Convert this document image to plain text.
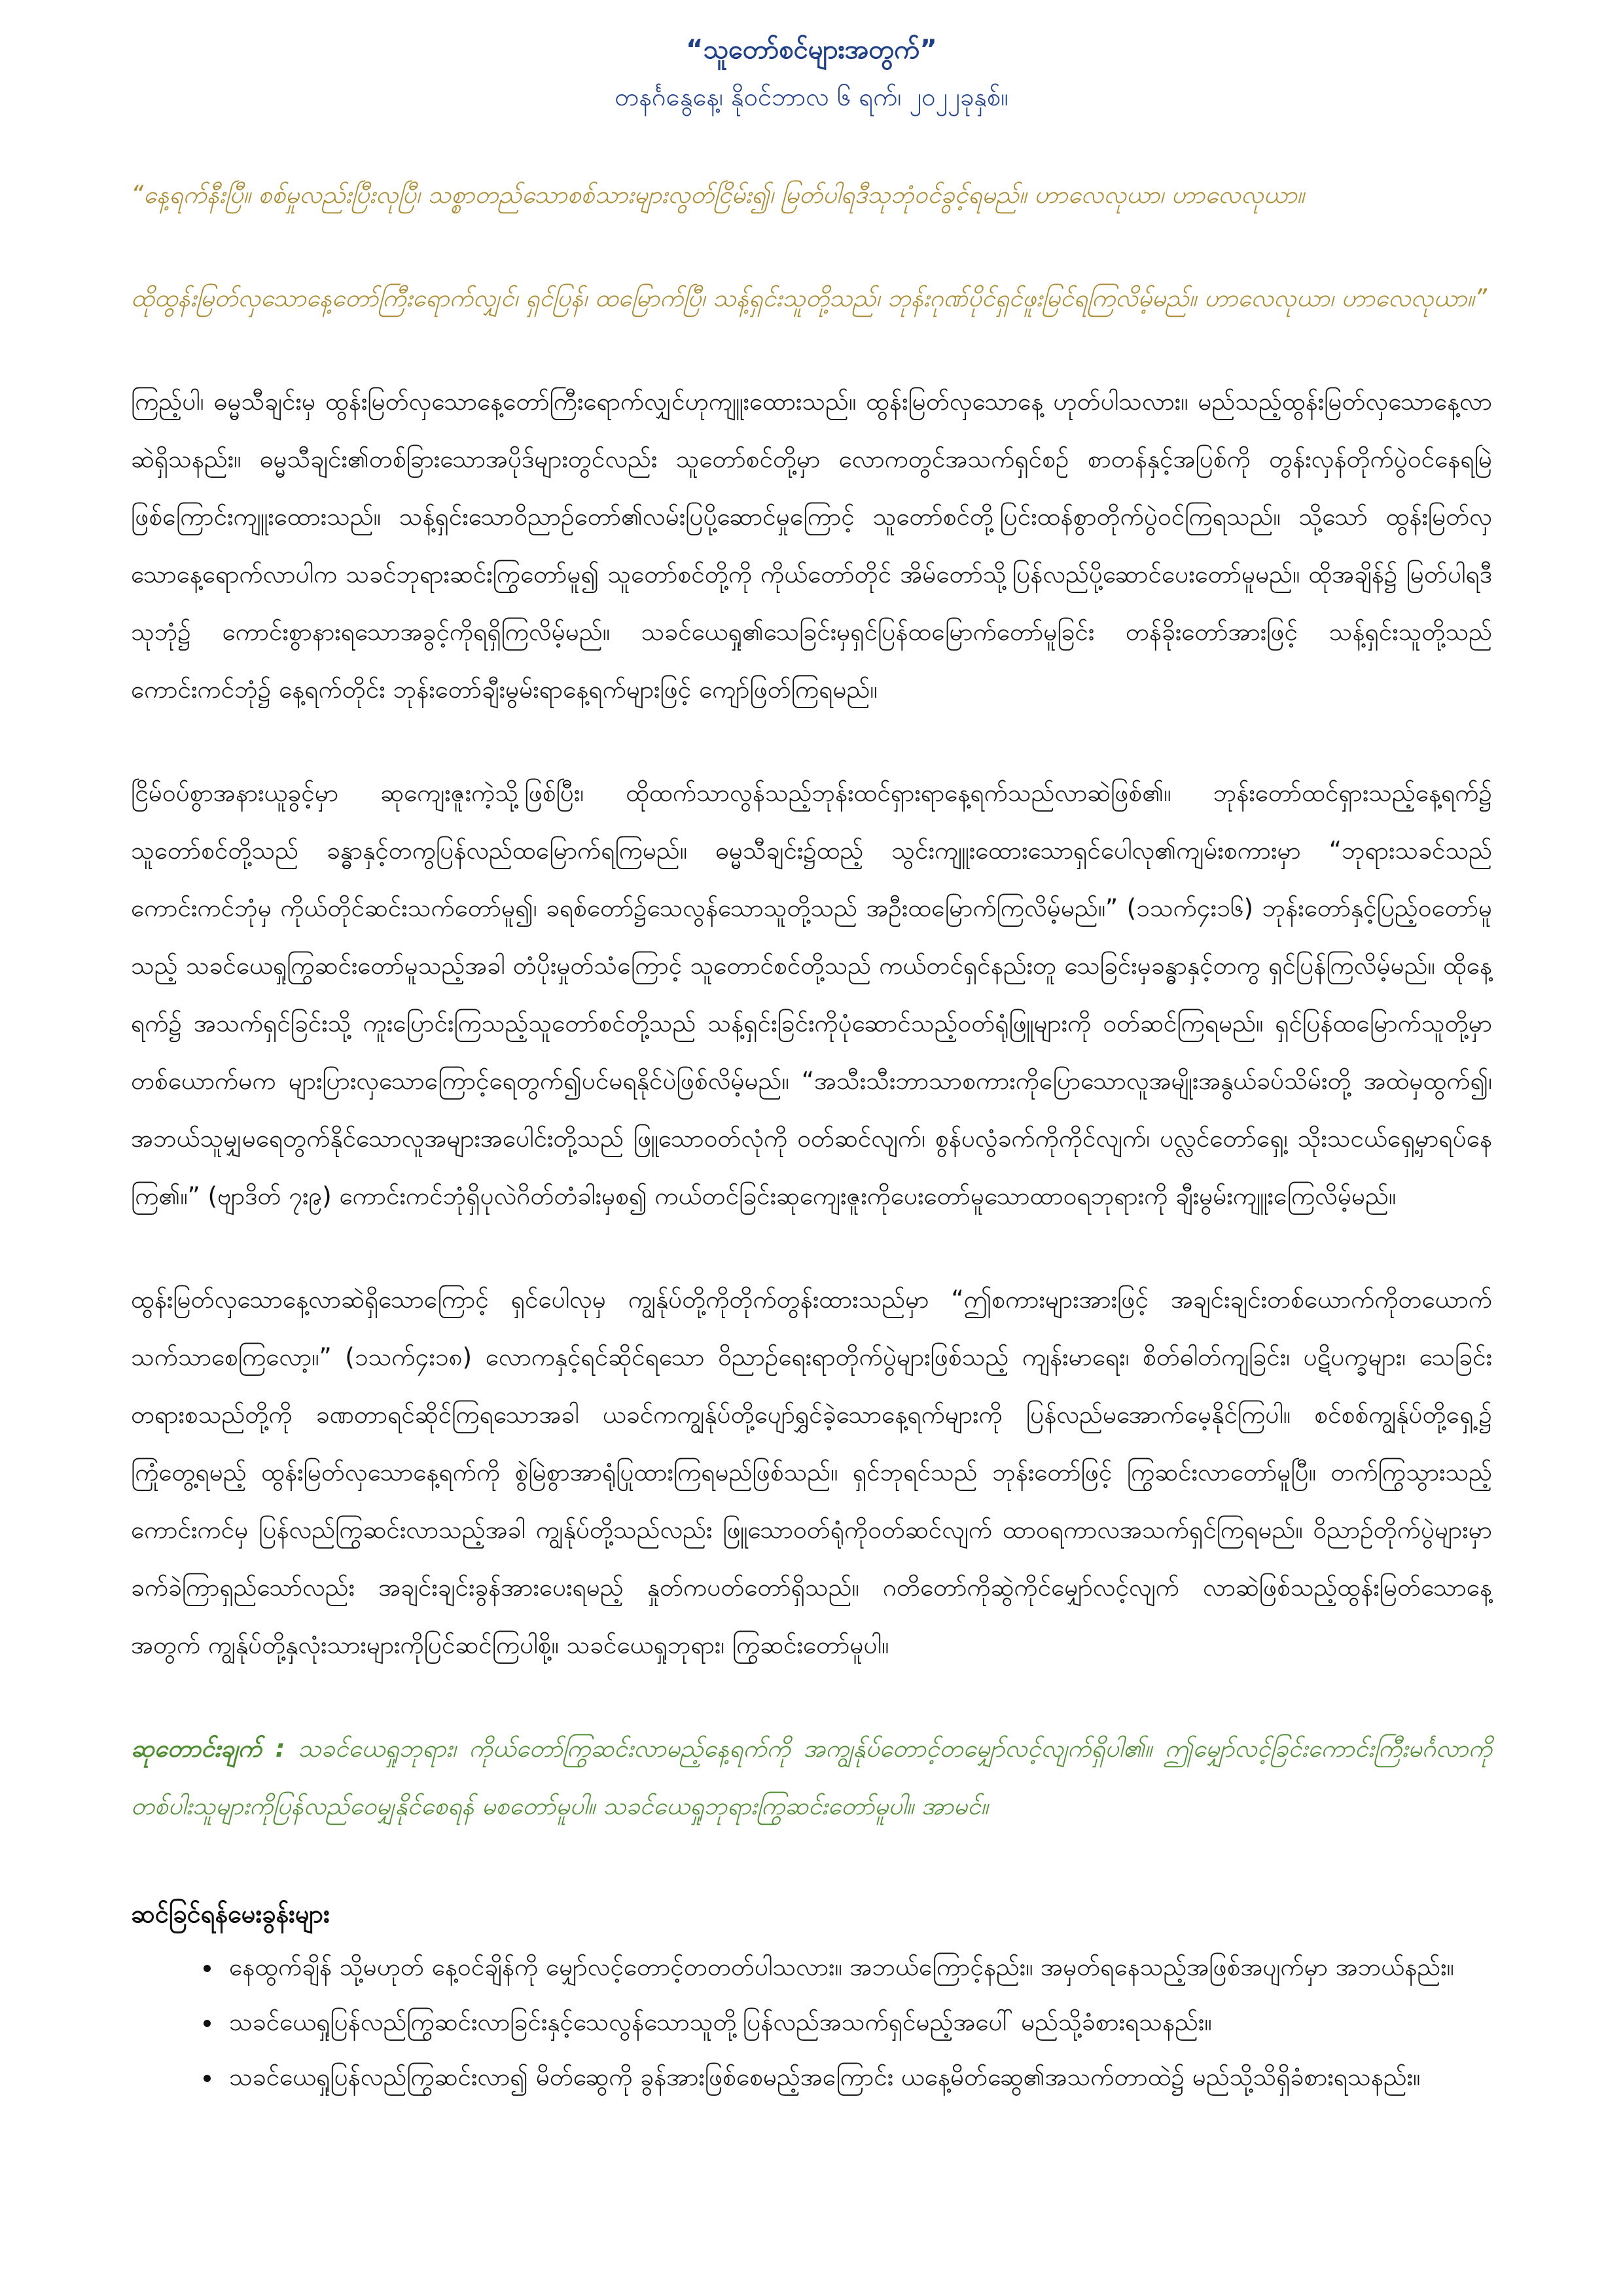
“သူတော်စင်များအတွက်”

တနင်္ဂနွေနေ့၊ နိုဝင်ဘာလ ၆ ရက်၊ ၂၀၂၂ခုနှစ်။

“နေ့ရက်နီးပြီ။ စစ်မှုလည်းပြီးလုပြီ၊ သစ္စာတည်သောစစ်သားများလွတ်ငြိမ်း၍၊ မြတ်ပါရဒီသုဘုံဝင်ခွင့်ရမည်။ ဟာလေလုယာ၊ ဟာလေလုယာ။

ထိုထွန်းမြတ်လှသောနေ့တော်ကြီးရောက်လျှင်၊ ရှင်ပြန်၊ ထမြောက်ပြီ၊ သန့်ရှင်းသူတို့သည်၊ ဘုန်းဂုဏ်ပိုင်ရှင်ဖူးမြင်ရကြလိမ့်မည်။ ဟာလေလုယာ၊ ဟာလေလုယာ။”

ကြည့်ပါ၊ ဓမ္မသီချင်းမှ ထွန်းမြတ်လှသောနေ့တော်ကြီးရောက်လျှင်ဟုကျူးထေားသည်။ ထွန်းမြတ်လှသောနေ့ ဟုတ်ပါသလား။ မည်သည့်ထွန်းမြတ်လှသောနေ့လာဆဲရှိသနည်း။ ဓမ္မသီချင်း၏တစ်ခြားသောအပိုဒ်များတွင်လည်း သူတော်စင်တို့မှာ လောကတွင်အသက်ရှင်စဉ် စာတန်နှင့်အပြစ်ကို တွန်းလှန်တိုက်ပွဲဝင်နေရမြဲဖြစ်ကြောင်းကျူးထေားသည်။ သန့်ရှင်းသောဝိညာဉ်တော်၏လမ်းပြပို့ဆောင်မှုကြောင့် သူတော်စင်တို့ပြင်းထန်စွာတိုက်ပွဲဝင်ကြရသည်။ သို့သော် ထွန်းမြတ်လှသောနေ့ရောက်လာပါက သခင်ဘုရားဆင်းကြွတော်မူ၍ သူတော်စင်တို့ကို ကိုယ်တော်တိုင် အိမ်တော်သို့ပြန်လည်ပို့ဆောင်ပေးတော်မူမည်။ ထိုအချိန်၌ မြတ်ပါရဒီသုဘုံ၌ ကောင်းစွာနားရသောအခွင့်ကိုရရှိကြလိမ့်မည်။ သခင်ယေရှု၏သေခြင်းမှရှင်ပြန်ထမြောက်တော်မူခြင်း တန်ခိုးတော်အားဖြင့် သန့်ရှင်းသူတို့သည် ကောင်းကင်ဘုံ၌ နေ့ရက်တိုင်း ဘုန်းတော်ချီးမွမ်းရာနေ့ရက်များဖြင့် ကျော်ဖြတ်ကြရမည်။

ငြိမ်ဝပ်စွာအနားယူခွင့်မှာ ဆုကျေးဇူးကဲ့သို့ဖြစ်ပြီး၊ ထိုထက်သာလွန်သည့်ဘုန်းထင်ရှားရာနေ့ရက်သည်လာဆဲဖြစ်၏။ ဘုန်းတော်ထင်ရှားသည့်နေ့ရက်၌ သူတော်စင်တို့သည် ခန္ဓာနှင့်တကွပြန်လည်ထမြောက်ရကြမည်။ ဓမ္မသီချင်း၌ထည့် သွင်းကျူးထေားသောရှင်ပေါလု၏ကျမ်းစကားမှာ “ဘုရားသခင်သည် ကောင်းကင်ဘုံမှ ကိုယ်တိုင်ဆင်းသက်တော်မူ၍၊ ခရစ်တော်၌သေလွန်သောသူတို့သည် အဦးထမြောက်ကြလိမ့်မည်။” (၁သက်၄း၁၆) ဘုန်းတော်နှင့်ပြည့်ဝတော်မူသည့် သခင်ယေရှုကြွဆင်းတော်မူသည့်အခါ တံပိုးမှုတ်သံကြောင့် သူတောင်စင်တို့သည် ကယ်တင်ရှင်နည်းတူ သေခြင်းမှခန္ဓာနှင့်တကွ ရှင်ပြန်ကြလိမ့်မည်။ ထိုနေ့ရက်၌ အသက်ရှင်ခြင်းသို့ ကူးပြောင်းကြသည့်သူတော်စင်တို့သည် သန့်ရှင်းခြင်းကိုပုံဆောင်သည့်ဝတ်ရုံဖြူများကို ဝတ်ဆင်ကြရမည်။ ရှင်ပြန်ထမြောက်သူတို့မှာ တစ်ယောက်မက များပြားလှသောကြောင့်ရေတွက်၍ပင်မရနိုင်ပဲဖြစ်လိမ့်မည်။ “အသီးသီးဘာသာစကားကိုပြောသောလူအမျိုးအနွယ်ခပ်သိမ်းတို့ အထဲမှထွက်၍၊ အဘယ်သူမျှမရေတွက်နိုင်သောလူအများအပေါင်းတို့သည် ဖြူသောဝတ်လုံကို ဝတ်ဆင်လျက်၊ စွန်ပလွံခက်ကိုကိုင်လျက်၊ ပလ္လင်တော်ရှေ့၊ သိုးသငယ်ရှေ့မှာရပ်နေကြ၏။” (ဗျာဒိတ် ၇း၉) ကောင်းကင်ဘုံရှိပုလဲဂိတ်တံခါးမှစ၍ ကယ်တင်ခြင်းဆုကျေးဇူးကိုပေးတော်မူသောထာဝရဘုရားကို ချီးမွမ်းကျူးကြေလိမ့်မည်။

ထွန်းမြတ်လှသောနေ့လာဆဲရှိသောကြောင့် ရှင်ပေါလုမှ ကျွန်ုပ်တို့ကိုတိုက်တွန်းထားသည်မှာ “ဤစကားများအားဖြင့် အချင်းချင်းတစ်ယောက်ကိုတယောက်သက်သာစေကြလော့။” (၁သက်၄း၁၈) လောကနှင့်ရင်ဆိုင်ရသော ဝိညာဉ်ရေးရာတိုက်ပွဲများဖြစ်သည့် ကျန်းမာရေး၊ စိတ်ဓါတ်ကျခြင်း၊ ပဋိပက္ခများ၊ သေခြင်းတရားစသည်တို့ကို ခဏတာရင်ဆိုင်ကြရသောအခါ ယခင်ကကျွန်ုပ်တို့ပျော်ရွှင်ခဲ့သောနေ့ရက်များကို ပြန်လည်မအောက်မေ့နိုင်ကြပါ။ စင်စစ်ကျွန်ုပ်တို့ရှေ့၌ ကြုံတွေ့ရမည့် ထွန်းမြတ်လှသောနေ့ရက်ကို စွဲမြဲစွာအာရုံပြုထားကြရမည်ဖြစ်သည်။ ရှင်ဘုရင်သည် ဘုန်းတော်ဖြင့် ကြွဆင်းလာတော်မူပြီ။ တက်ကြွသွားသည့်ကောင်းကင်မှ ပြန်လည်ကြွဆင်းလာသည့်အခါ ကျွန်ုပ်တို့သည်လည်း ဖြူသောဝတ်ရုံကိုဝတ်ဆင်လျက် ထာဝရကာလအသက်ရှင်ကြရမည်။ ဝိညာဉ်တိုက်ပွဲများမှာ ခက်ခဲကြာရှည်သော်လည်း အချင်းချင်းခွန်အားပေးရမည့် နှုတ်ကပတ်တော်ရှိသည်။ ဂတိတော်ကိုဆွဲကိုင်မျှော်လင့်လျက် လာဆဲဖြစ်သည့်ထွန်းမြတ်သောနေ့အတွက် ကျွန်ုပ်တို့နှလုံးသားများကိုပြင်ဆင်ကြပါစို့။ သခင်ယေရှုဘုရား၊ ကြွဆင်းတော်မူပါ။

ဆုတောင်းချက် : သခင်ယေရှုဘုရား၊ ကိုယ်တော်ကြွဆင်းလာမည့်နေ့ရက်ကို အကျွန်ုပ်တောင့်တမျှော်လင့်လျက်ရှိပါ၏။ ဤမျှော်လင့်ခြင်းကောင်းကြီးမင်္ဂလာကို တစ်ပါးသူများကိုပြန်လည်ဝေမျှနိုင်စေရန် မစတော်မူပါ။ သခင်ယေရှုဘုရားကြွဆင်းတော်မူပါ။ အာမင်။

ဆင်ခြင်ရန်မေးခွန်းများ

• နေထွက်ချိန် သို့မဟုတ် နေ့ဝင်ချိန်ကို မျှော်လင့်တောင့်တတတ်ပါသလား။ အဘယ်ကြောင့်နည်း။ အမှတ်ရနေသည့်အဖြစ်အပျက်မှာ အဘယ်နည်း။
• သခင်ယေရှုပြန်လည်ကြွဆင်းလာခြင်းနှင့်သေလွန်သောသူတို့ပြန်လည်အသက်ရှင်မည့်အပေါ် မည်သို့ခံစားရသနည်း။
• သခင်ယေရှုပြန်လည်ကြွဆင်းလာ၍ မိတ်ဆွေကို ခွန်အားဖြစ်စေမည့်အကြောင်း ယနေ့မိတ်ဆွေ၏အသက်တာထဲ၌ မည်သို့သိရှိခံစားရသနည်း။
